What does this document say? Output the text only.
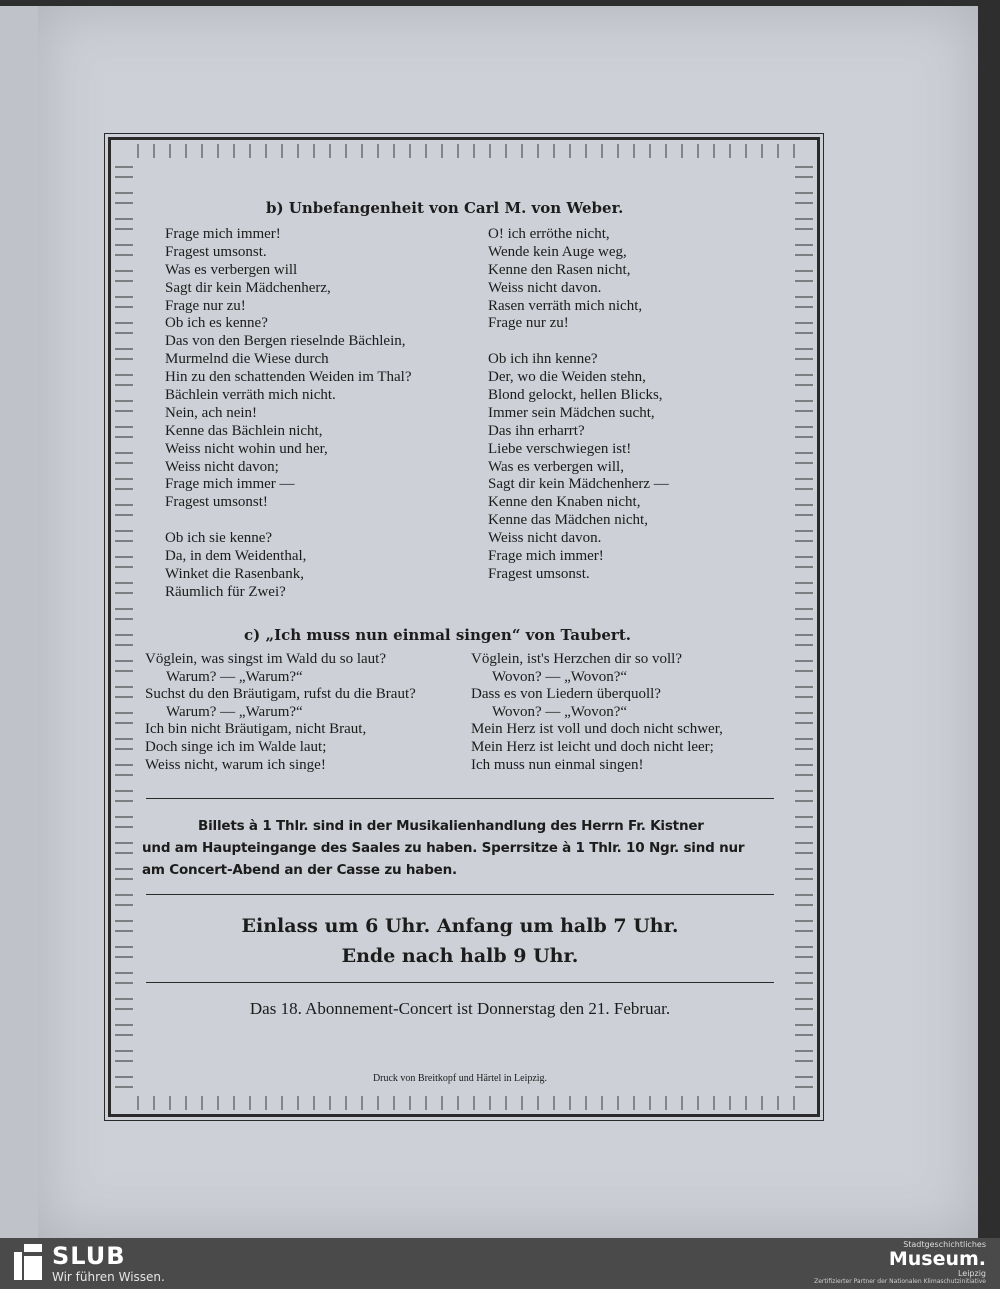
b) Unbefangenheit von Carl M. von Weber.
Frage mich immer!
Fragest umsonst.
Was es verbergen will
Sagt dir kein Mädchenherz,
Frage nur zu!
Ob ich es kenne?
Das von den Bergen rieselnde Bächlein,
Murmelnd die Wiese durch
Hin zu den schattenden Weiden im Thal?
Bächlein verräth mich nicht.
Nein, ach nein!
Kenne das Bächlein nicht,
Weiss nicht wohin und her,
Weiss nicht davon;
Frage mich immer —
Fragest umsonst!
Ob ich sie kenne?
Da, in dem Weidenthal,
Winket die Rasenbank,
Räumlich für Zwei?
O! ich erröthe nicht,
Wende kein Auge weg,
Kenne den Rasen nicht,
Weiss nicht davon.
Rasen verräth mich nicht,
Frage nur zu!
Ob ich ihn kenne?
Der, wo die Weiden stehn,
Blond gelockt, hellen Blicks,
Immer sein Mädchen sucht,
Das ihn erharrt?
Liebe verschwiegen ist!
Was es verbergen will,
Sagt dir kein Mädchenherz —
Kenne den Knaben nicht,
Kenne das Mädchen nicht,
Weiss nicht davon.
Frage mich immer!
Fragest umsonst.
c) „Ich muss nun einmal singen“ von Taubert.
Vöglein, was singst im Wald du so laut?
Warum? — „Warum?“
Suchst du den Bräutigam, rufst du die Braut?
Warum? — „Warum?“
Ich bin nicht Bräutigam, nicht Braut,
Doch singe ich im Walde laut;
Weiss nicht, warum ich singe!
Vöglein, ist's Herzchen dir so voll?
Wovon? — „Wovon?“
Dass es von Liedern überquoll?
Wovon? — „Wovon?“
Mein Herz ist voll und doch nicht schwer,
Mein Herz ist leicht und doch nicht leer;
Ich muss nun einmal singen!
Billets à 1 Thlr. sind in der Musikalienhandlung des Herrn Fr. Kistner
und am Haupteingange des Saales zu haben. Sperrsitze à 1 Thlr. 10 Ngr. sind nur
am Concert-Abend an der Casse zu haben.
Einlass um 6 Uhr. Anfang um halb 7 Uhr.
Ende nach halb 9 Uhr.
Das 18. Abonnement-Concert ist Donnerstag den 21. Februar.
Druck von Breitkopf und Härtel in Leipzig.
SLUB
Wir führen Wissen.
Stadtgeschichtliches
Museum.
Leipzig
Zertifizierter Partner der Nationalen Klimaschutzinitiative
